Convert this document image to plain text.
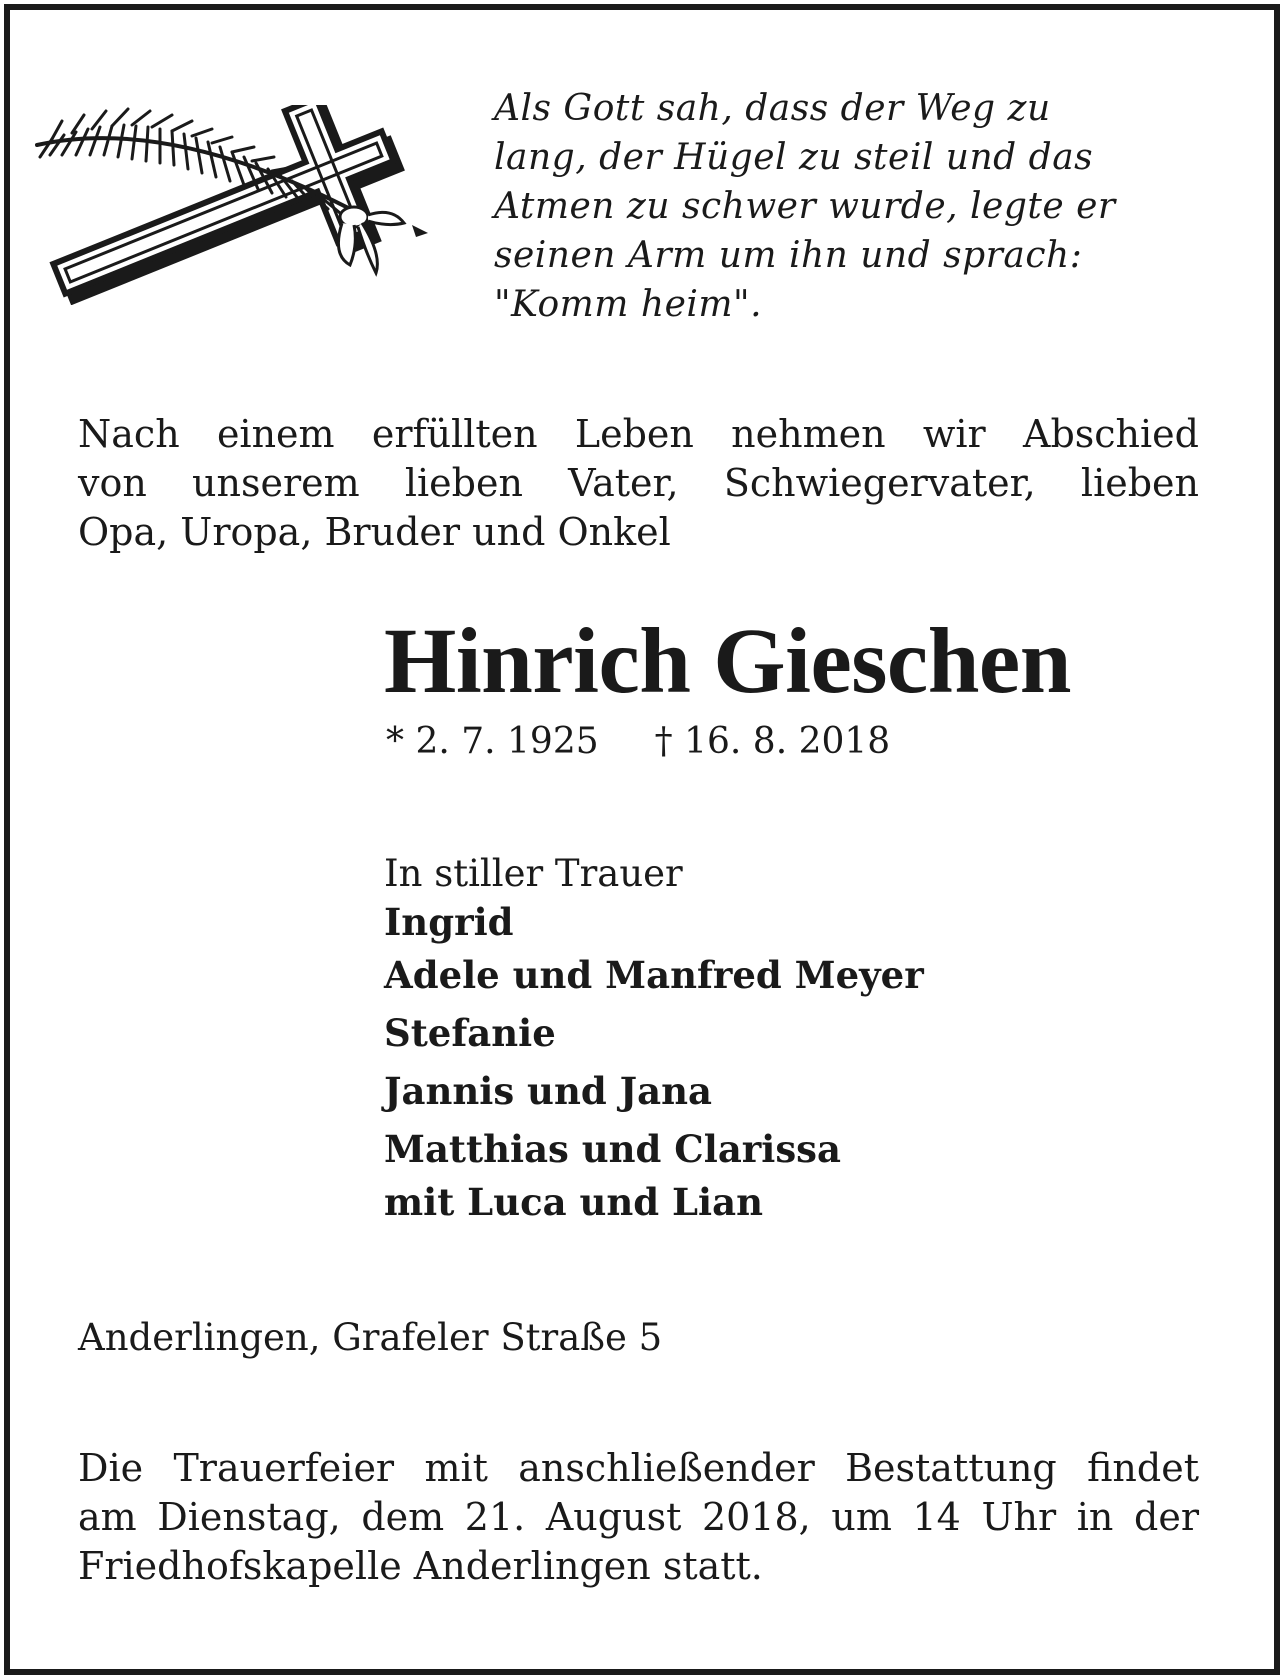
Als Gott sah, dass der Weg zu
lang, der Hügel zu steil und das
Atmen zu schwer wurde, legte er
seinen Arm um ihn und sprach:
"Komm heim".
Nach einem erfüllten Leben nehmen wir Abschied
von unserem lieben Vater, Schwiegervater, lieben
Opa, Uropa, Bruder und Onkel
Hinrich Gieschen
* 2. 7. 1925 † 16. 8. 2018
In stiller Trauer
Ingrid
Adele und Manfred Meyer
Stefanie
Jannis und Jana
Matthias und Clarissa
mit Luca und Lian
Anderlingen, Grafeler Straße 5
Die Trauerfeier mit anschließender Bestattung findet
am Dienstag, dem 21. August 2018, um 14 Uhr in der
Friedhofskapelle Anderlingen statt.
